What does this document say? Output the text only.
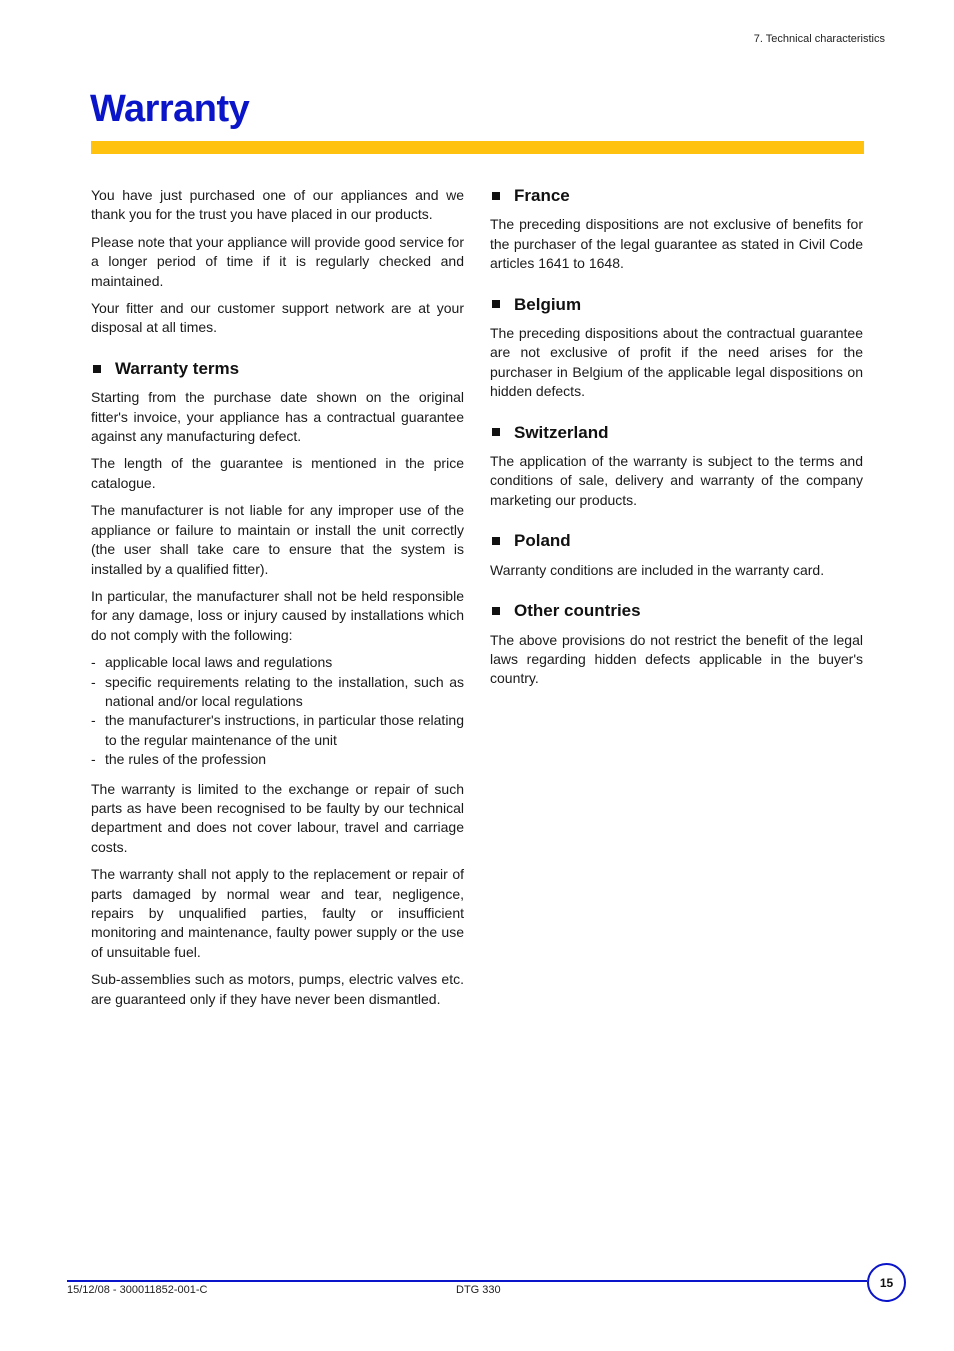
7. Technical characteristics
Warranty

You have just purchased one of our appliances and we thank you for the trust you have placed in our products.

Please note that your appliance will provide good service for a longer period of time if it is regularly checked and maintained.

Your fitter and our customer support network are at your disposal at all times.

Warranty terms

Starting from the purchase date shown on the original fitter's invoice, your appliance has a contractual guarantee against any manufacturing defect.

The length of the guarantee is mentioned in the price catalogue.

The manufacturer is not liable for any improper use of the appliance or failure to maintain or install the unit correctly (the user shall take care to ensure that the system is installed by a qualified fitter).

In particular, the manufacturer shall not be held responsible for any damage, loss or injury caused by installations which do not comply with the following:

- applicable local laws and regulations
- specific requirements relating to the installation, such as national and/or local regulations
- the manufacturer's instructions, in particular those relating to the regular maintenance of the unit
- the rules of the profession

The warranty is limited to the exchange or repair of such parts as have been recognised to be faulty by our technical department and does not cover labour, travel and carriage costs.

The warranty shall not apply to the replacement or repair of parts damaged by normal wear and tear, negligence, repairs by unqualified parties, faulty or insufficient monitoring and maintenance, faulty power supply or the use of unsuitable fuel.

Sub-assemblies such as motors, pumps, electric valves etc. are guaranteed only if they have never been dismantled.

France

The preceding dispositions are not exclusive of benefits for the purchaser of the legal guarantee as stated in Civil Code articles 1641 to 1648.

Belgium

The preceding dispositions about the contractual guarantee are not exclusive of profit if the need arises for the purchaser in Belgium of the applicable legal dispositions on hidden defects.

Switzerland

The application of the warranty is subject to the terms and conditions of sale, delivery and warranty of the company marketing our products.

Poland

Warranty conditions are included in the warranty card.

Other countries

The above provisions do not restrict the benefit of the legal laws regarding hidden defects applicable in the buyer's country.

15/12/08 - 300011852-001-C	DTG 330
15
